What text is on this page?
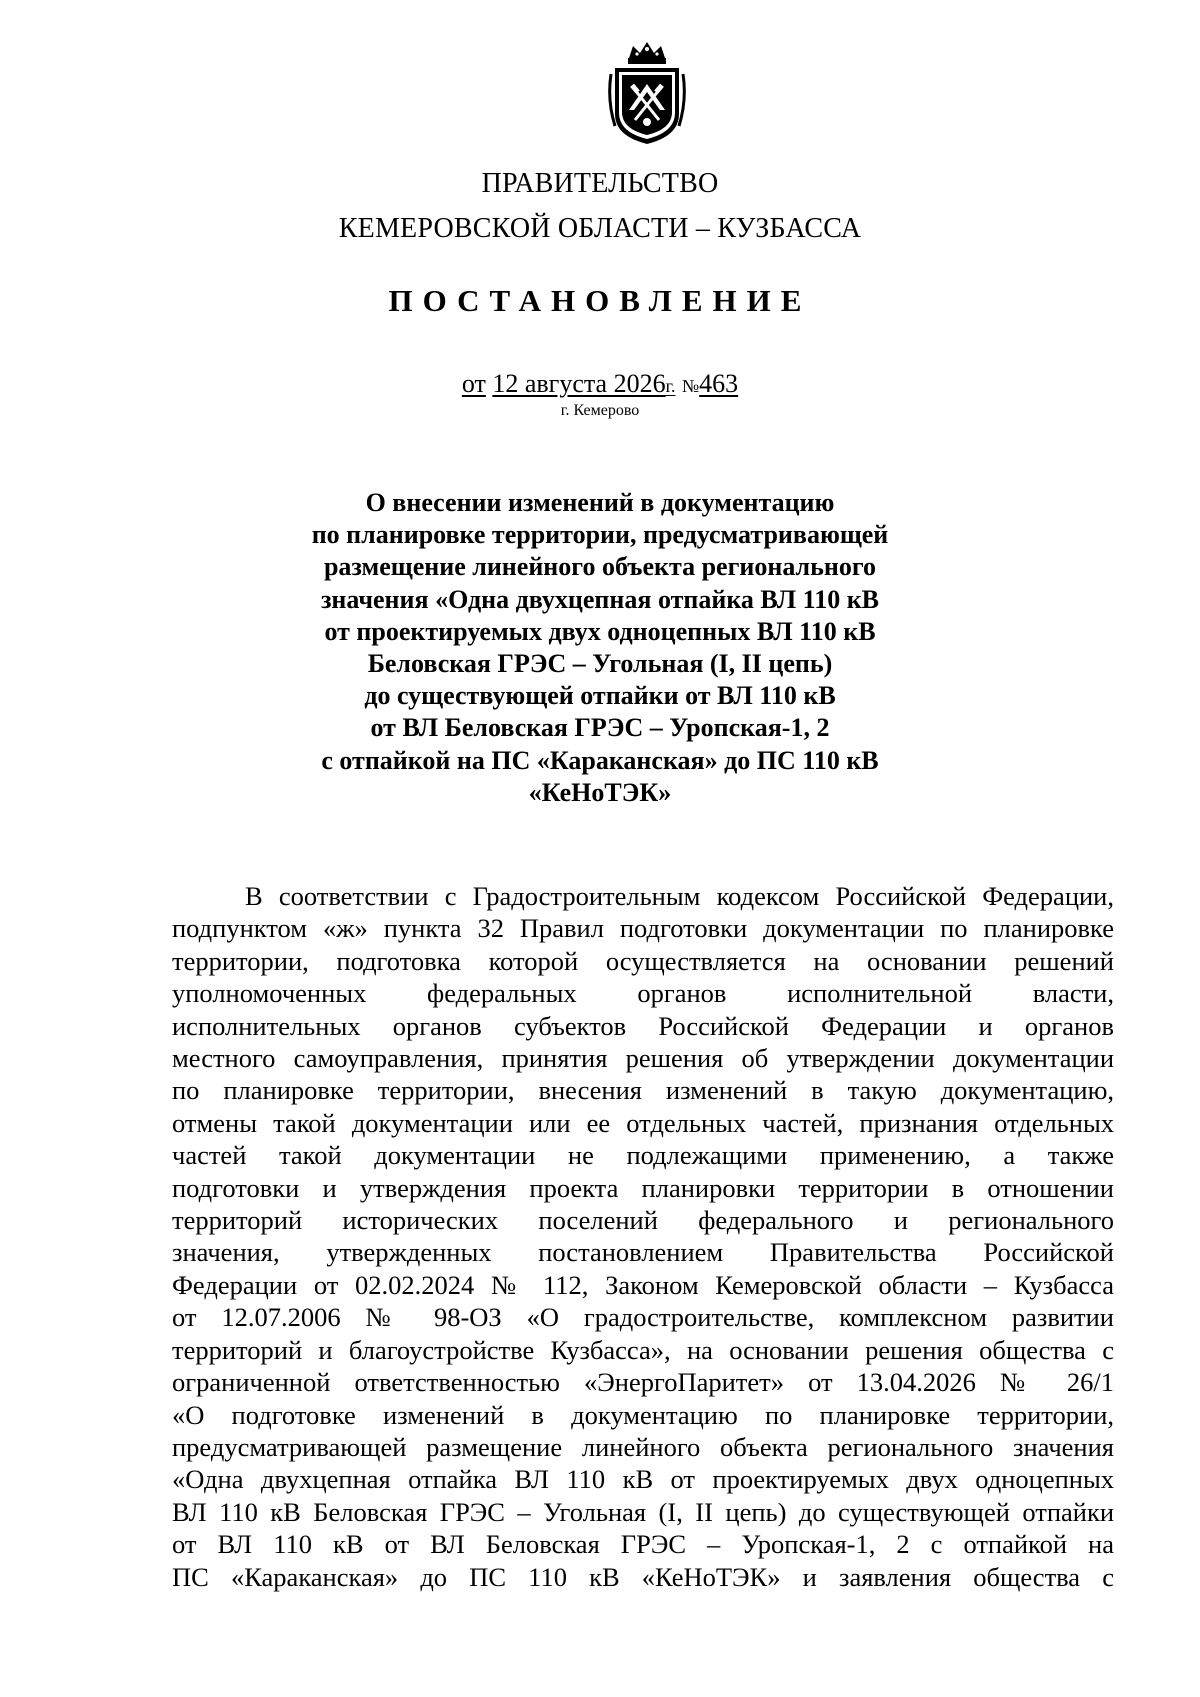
ПРАВИТЕЛЬСТВО
КЕМЕРОВСКОЙ ОБЛАСТИ – КУЗБАССА
ПОСТАНОВЛЕНИЕ
от 12 августа 2026г. №463
г. Кемерово
О внесении изменений в документацию
по планировке территории, предусматривающей
размещение линейного объекта регионального
значения «Одна двухцепная отпайка ВЛ 110 кВ
от проектируемых двух одноцепных ВЛ 110 кВ
Беловская ГРЭС – Угольная (I, II цепь)
до существующей отпайки от ВЛ 110 кВ
от ВЛ Беловская ГРЭС – Уропская-1, 2
с отпайкой на ПС «Караканская» до ПС 110 кВ
«КеНоТЭК»
В соответствии с Градостроительным кодексом Российской Федерации,
подпунктом «ж» пункта 32 Правил подготовки документации по планировке
территории, подготовка которой осуществляется на основании решений
уполномоченных федеральных органов исполнительной власти,
исполнительных органов субъектов Российской Федерации и органов
местного самоуправления, принятия решения об утверждении документации
по планировке территории, внесения изменений в такую документацию,
отмены такой документации или ее отдельных частей, признания отдельных
частей такой документации не подлежащими применению, а также
подготовки и утверждения проекта планировки территории в отношении
территорий исторических поселений федерального и регионального
значения, утвержденных постановлением Правительства Российской
Федерации от 02.02.2024 № 112, Законом Кемеровской области – Кузбасса
от 12.07.2006 № 98-ОЗ «О градостроительстве, комплексном развитии
территорий и благоустройстве Кузбасса», на основании решения общества с
ограниченной ответственностью «ЭнергоПаритет» от 13.04.2026 № 26/1
«О подготовке изменений в документацию по планировке территории,
предусматривающей размещение линейного объекта регионального значения
«Одна двухцепная отпайка ВЛ 110 кВ от проектируемых двух одноцепных
ВЛ 110 кВ Беловская ГРЭС – Угольная (I, II цепь) до существующей отпайки
от ВЛ 110 кВ от ВЛ Беловская ГРЭС – Уропская-1, 2 с отпайкой на
ПС «Караканская» до ПС 110 кВ «КеНоТЭК» и заявления общества с
